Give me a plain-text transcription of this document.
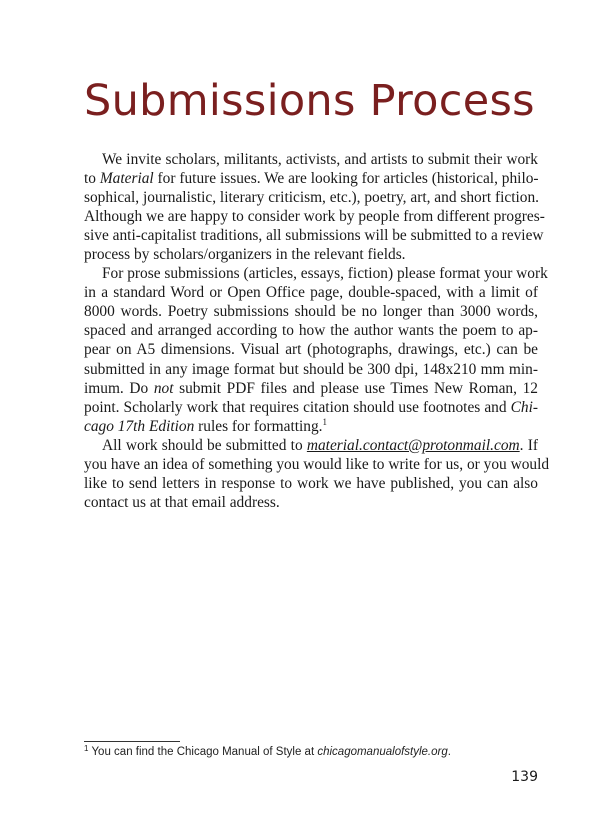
Submissions Process
We invite scholars, militants, activists, and artists to submit their work
to Material for future issues. We are looking for articles (historical, philo-
sophical, journalistic, literary criticism, etc.), poetry, art, and short fiction.
Although we are happy to consider work by people from different progres-
sive anti-capitalist traditions, all submissions will be submitted to a review
process by scholars/organizers in the relevant fields.
For prose submissions (articles, essays, fiction) please format your work
in a standard Word or Open Office page, double-spaced, with a limit of
8000 words. Poetry submissions should be no longer than 3000 words,
spaced and arranged according to how the author wants the poem to ap-
pear on A5 dimensions. Visual art (photographs, drawings, etc.) can be
submitted in any image format but should be 300 dpi, 148x210 mm min-
imum. Do not submit PDF files and please use Times New Roman, 12
point. Scholarly work that requires citation should use footnotes and Chi-
cago 17th Edition rules for formatting.$^1$
All work should be submitted to material.contact@protonmail.com. If
you have an idea of something you would like to write for us, or you would
like to send letters in response to work we have published, you can also
contact us at that email address.
$^1$ You can find the Chicago Manual of Style at chicagomanualofstyle.org.
139
